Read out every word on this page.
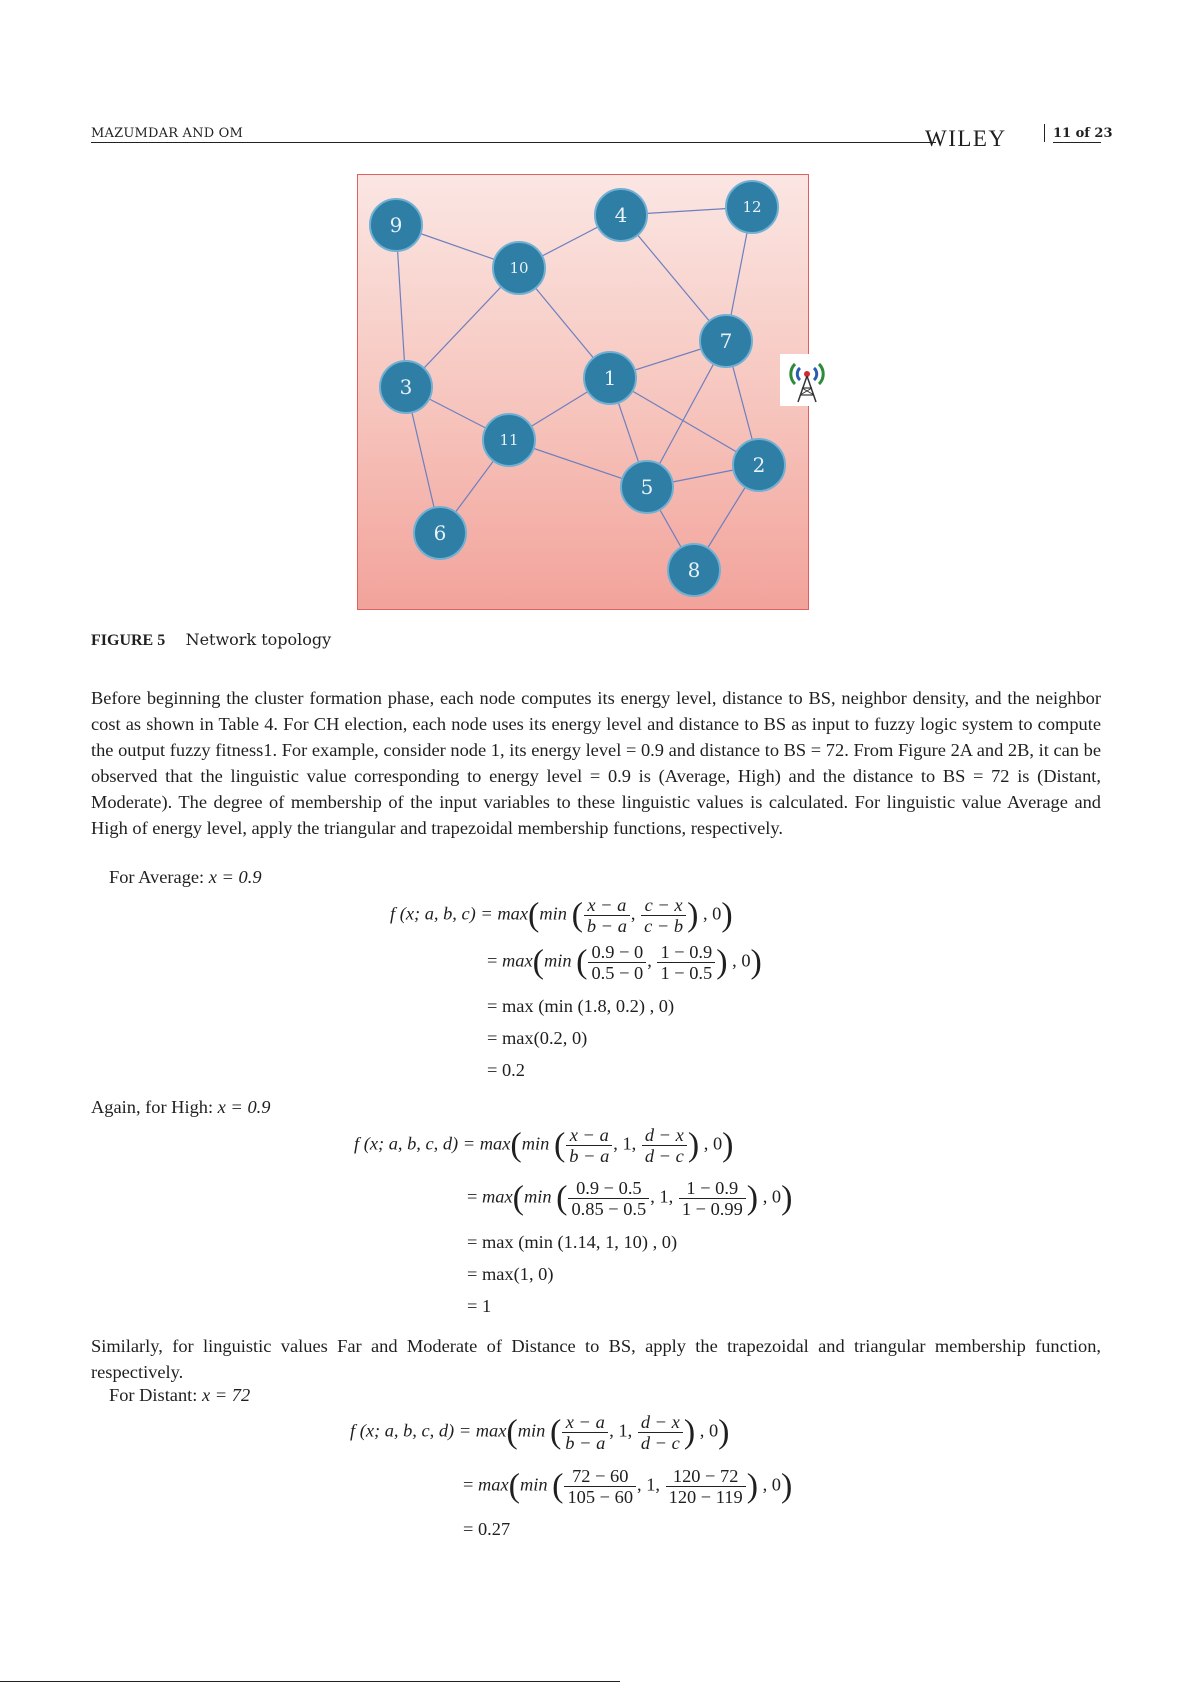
MAZUMDAR AND OM	WILEY	11 of 23
9
10
4	12
7
1
3
11
5
2
6
8
FIGURE 5 Network topology
Before beginning the cluster formation phase, each node computes its energy level, distance to BS, neighbor density, and the neighbor cost as shown in Table 4. For CH election, each node uses its energy level and distance to BS as input to fuzzy logic system to compute the output fuzzy fitness1. For example, consider node 1, its energy level = 0.9 and distance to BS = 72. From Figure 2A and 2B, it can be observed that the linguistic value corresponding to energy level = 0.9 is (Average, High) and the distance to BS = 72 is (Distant, Moderate). The degree of membership of the input variables to these linguistic values is calculated. For linguistic value Average and High of energy level, apply the triangular and trapezoidal membership functions, respectively.
For Average: x = 0.9
f (x; a, b, c) = max(min ( $\frac{x - a}{b - a}$ , $\frac{c - x}{c - b}$ ) , 0)
= max(min ( $\frac{0.9 - 0}{0.5 - 0}$ , $\frac{1 - 0.9}{1 - 0.5}$ ) , 0)
= max (min (1.8, 0.2) , 0)
= max(0.2, 0)
= 0.2
Again, for High: x = 0.9
f (x; a, b, c, d) = max(min ( $\frac{x - a}{b - a}$ , 1, $\frac{d - x}{d - c}$ ) , 0)
= max(min ( $\frac{0.9 - 0.5}{0.85 - 0.5}$ , 1, $\frac{1 - 0.9}{1 - 0.99}$ ) , 0)
= max (min (1.14, 1, 10) , 0)
= max(1, 0)
= 1
Similarly, for linguistic values Far and Moderate of Distance to BS, apply the trapezoidal and triangular membership function, respectively.
For Distant: x = 72
f (x; a, b, c, d) = max(min ( $\frac{x - a}{b - a}$ , 1, $\frac{d - x}{d - c}$ ) , 0)
= max(min ( $\frac{72 - 60}{105 - 60}$ , 1, $\frac{120 - 72}{120 - 119}$ ) , 0)
= 0.27
